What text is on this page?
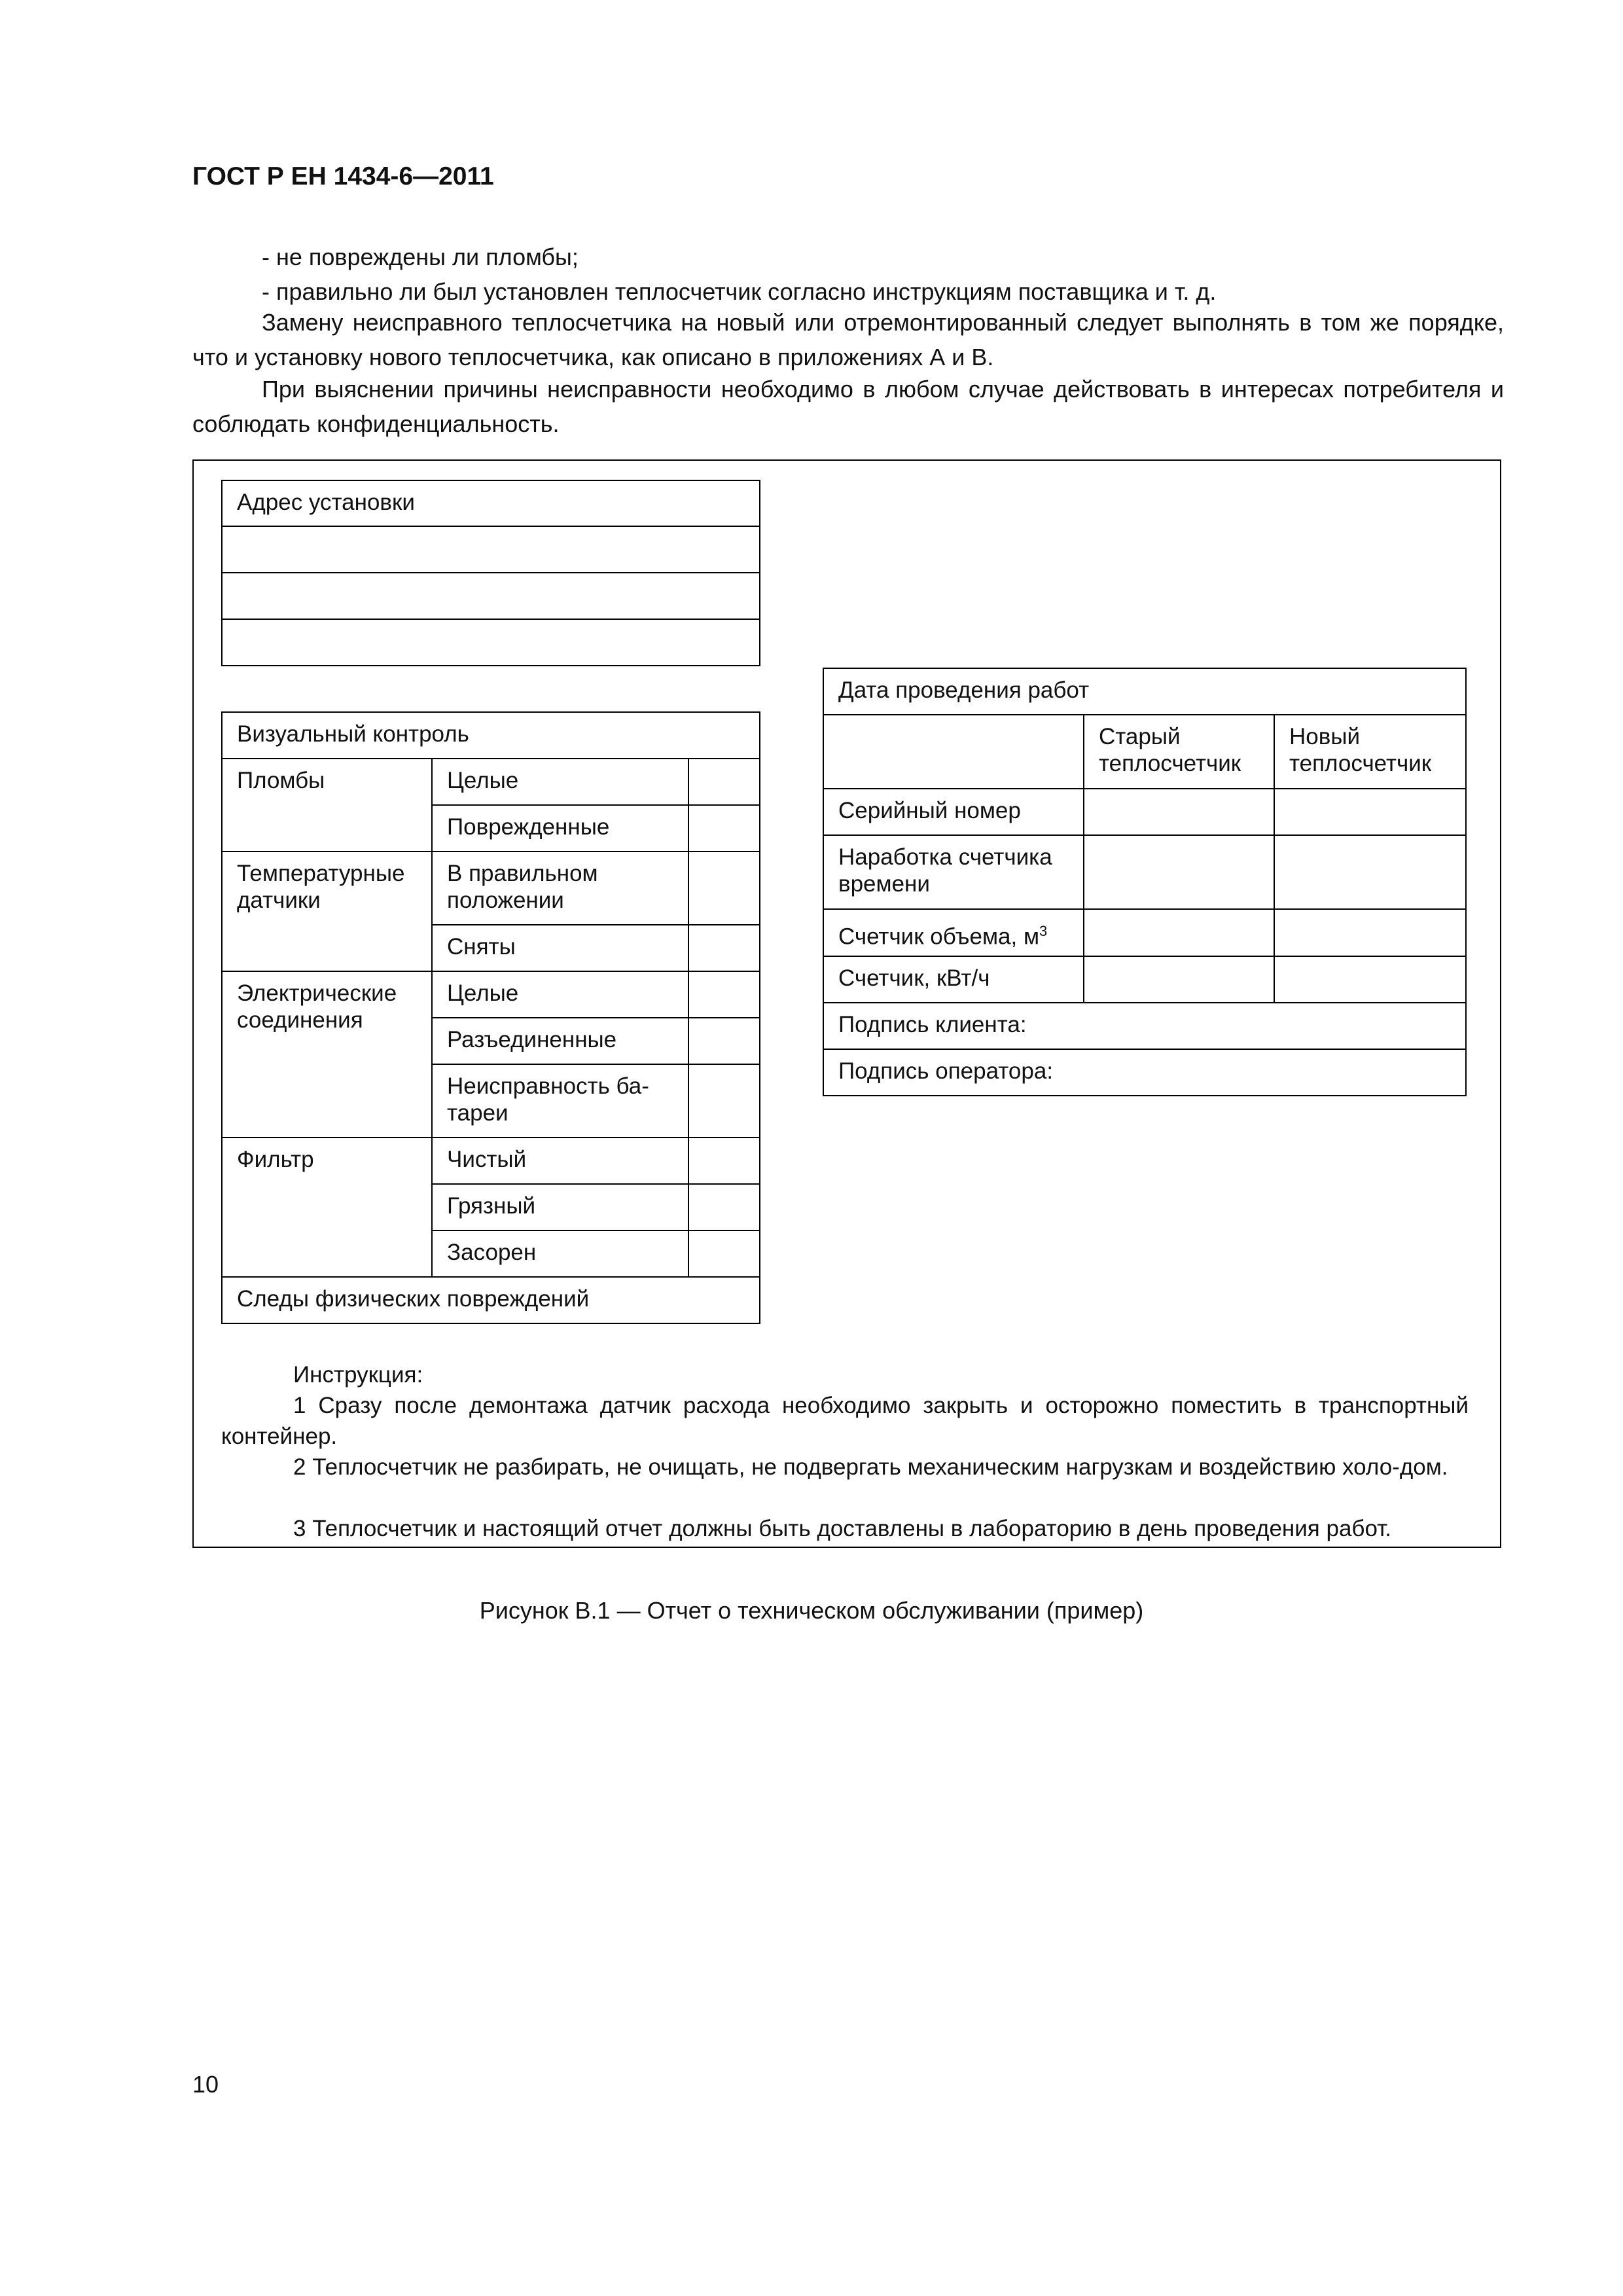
ГОСТ Р ЕН 1434-6—2011
- не повреждены ли пломбы;
- правильно ли был установлен теплосчетчик согласно инструкциям поставщика и т. д.
Замену неисправного теплосчетчика на новый или отремонтированный следует выполнять в том же порядке, что и установку нового теплосчетчика, как описано в приложениях А и В.
При выяснении причины неисправности необходимо в любом случае действовать в интересах потребителя и соблюдать конфиденциальность.
Адрес установки		

Визуальный контроль		
Пломбы	Целые	
	Поврежденные	
Температурные датчики	В правильном положении	
	Сняты	
Электрические соединения	Целые	
	Разъединенные	
	Неисправность ба-тареи	
Фильтр	Чистый	
	Грязный	
	Засорен	
Следы физических повреждений		
Дата проведения работ		
	Старый теплосчетчик	Новый теплосчетчик
Серийный номер		
Наработка счетчика времени		
Счетчик объема, $м^3$		
Счетчик, кВт/ч		
Подпись клиента:		
Подпись оператора:		
Инструкция:
1 Сразу после демонтажа датчик расхода необходимо закрыть и осторожно поместить в транспортный контейнер.
2 Теплосчетчик не разбирать, не очищать, не подвергать механическим нагрузкам и воздействию холо-дом.
3 Теплосчетчик и настоящий отчет должны быть доставлены в лабораторию в день проведения работ.
Рисунок В.1 — Отчет о техническом обслуживании (пример)
10
